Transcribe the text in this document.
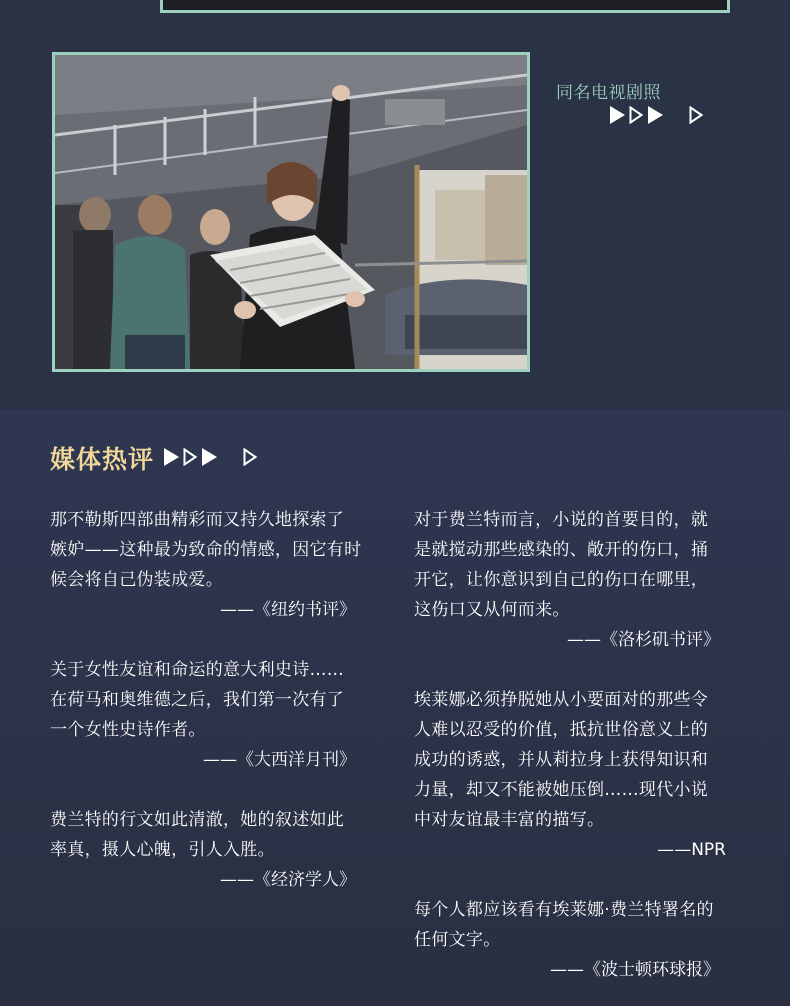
同名电视剧照
媒体热评

那不勒斯四部曲精彩而又持久地探索了

嫉妒——这种最为致命的情感，因它有时

候会将自己伪装成爱。

——《纽约书评》

关于女性友谊和命运的意大利史诗……

在荷马和奥维德之后，我们第一次有了

一个女性史诗作者。

——《大西洋月刊》

费兰特的行文如此清澈，她的叙述如此

率真，摄人心魄，引人入胜。

——《经济学人》

对于费兰特而言，小说的首要目的，就

是就搅动那些感染的、敞开的伤口，捅

开它，让你意识到自己的伤口在哪里，

这伤口又从何而来。

——《洛杉矶书评》

埃莱娜必须挣脱她从小要面对的那些令

人难以忍受的价值，抵抗世俗意义上的

成功的诱惑，并从莉拉身上获得知识和

力量，却又不能被她压倒……现代小说

中对友谊最丰富的描写。

——NPR

每个人都应该看有埃莱娜·费兰特署名的

任何文字。

——《波士顿环球报》
